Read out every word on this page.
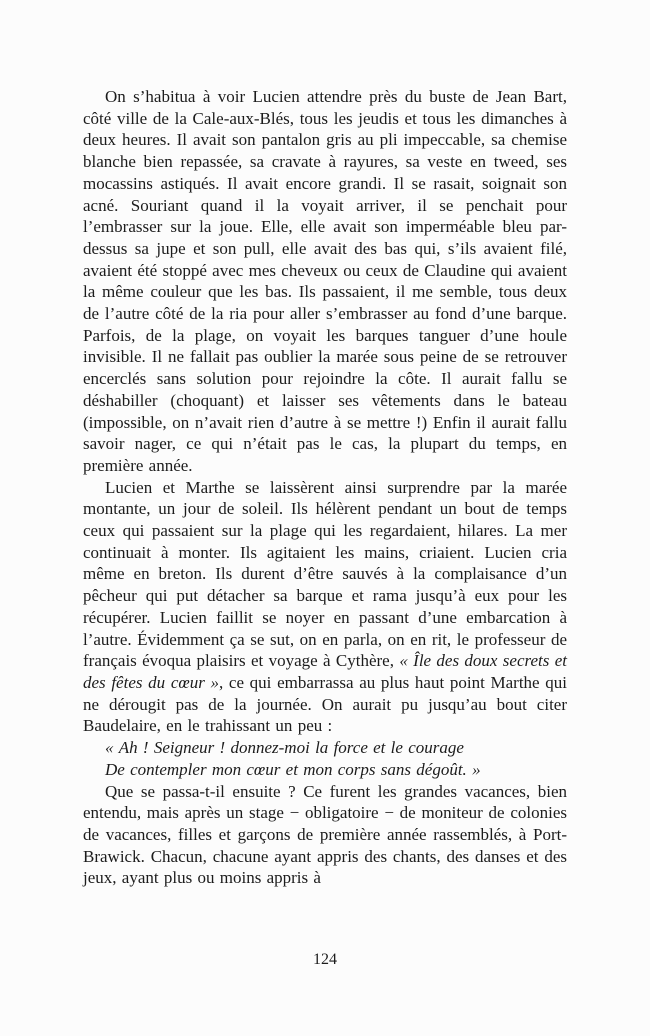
On s’habitua à voir Lucien attendre près du buste de Jean Bart, côté ville de la Cale-aux-Blés, tous les jeudis et tous les dimanches à deux heures. Il avait son pantalon gris au pli impeccable, sa chemise blanche bien repassée, sa cravate à rayures, sa veste en tweed, ses mocassins astiqués. Il avait encore grandi. Il se rasait, soignait son acné. Souriant quand il la voyait arriver, il se penchait pour l’embrasser sur la joue. Elle, elle avait son imperméable bleu par-dessus sa jupe et son pull, elle avait des bas qui, s’ils avaient filé, avaient été stoppé avec mes cheveux ou ceux de Claudine qui avaient la même couleur que les bas. Ils passaient, il me semble, tous deux de l’autre côté de la ria pour aller s’embrasser au fond d’une barque. Parfois, de la plage, on voyait les barques tanguer d’une houle invisible. Il ne fallait pas oublier la marée sous peine de se retrouver encerclés sans solution pour rejoindre la côte. Il aurait fallu se déshabiller (choquant) et laisser ses vêtements dans le bateau (impossible, on n’avait rien d’autre à se mettre !) Enfin il aurait fallu savoir nager, ce qui n’était pas le cas, la plupart du temps, en première année.

Lucien et Marthe se laissèrent ainsi surprendre par la marée montante, un jour de soleil. Ils hélèrent pendant un bout de temps ceux qui passaient sur la plage qui les regardaient, hilares. La mer continuait à monter. Ils agitaient les mains, criaient. Lucien cria même en breton. Ils durent d’être sauvés à la complaisance d’un pêcheur qui put détacher sa barque et rama jusqu’à eux pour les récupérer. Lucien faillit se noyer en passant d’une embarcation à l’autre. Évidemment ça se sut, on en parla, on en rit, le professeur de français évoqua plaisirs et voyage à Cythère, « Île des doux secrets et des fêtes du cœur », ce qui embarrassa au plus haut point Marthe qui ne dérougit pas de la journée. On aurait pu jusqu’au bout citer Baudelaire, en le trahissant un peu :

« Ah ! Seigneur ! donnez-moi la force et le courage

De contempler mon cœur et mon corps sans dégoût. »

Que se passa-t-il ensuite ? Ce furent les grandes vacances, bien entendu, mais après un stage − obligatoire − de moniteur de colonies de vacances, filles et garçons de première année rassemblés, à Port-Brawick. Chacun, chacune ayant appris des chants, des danses et des jeux, ayant plus ou moins appris à

124
